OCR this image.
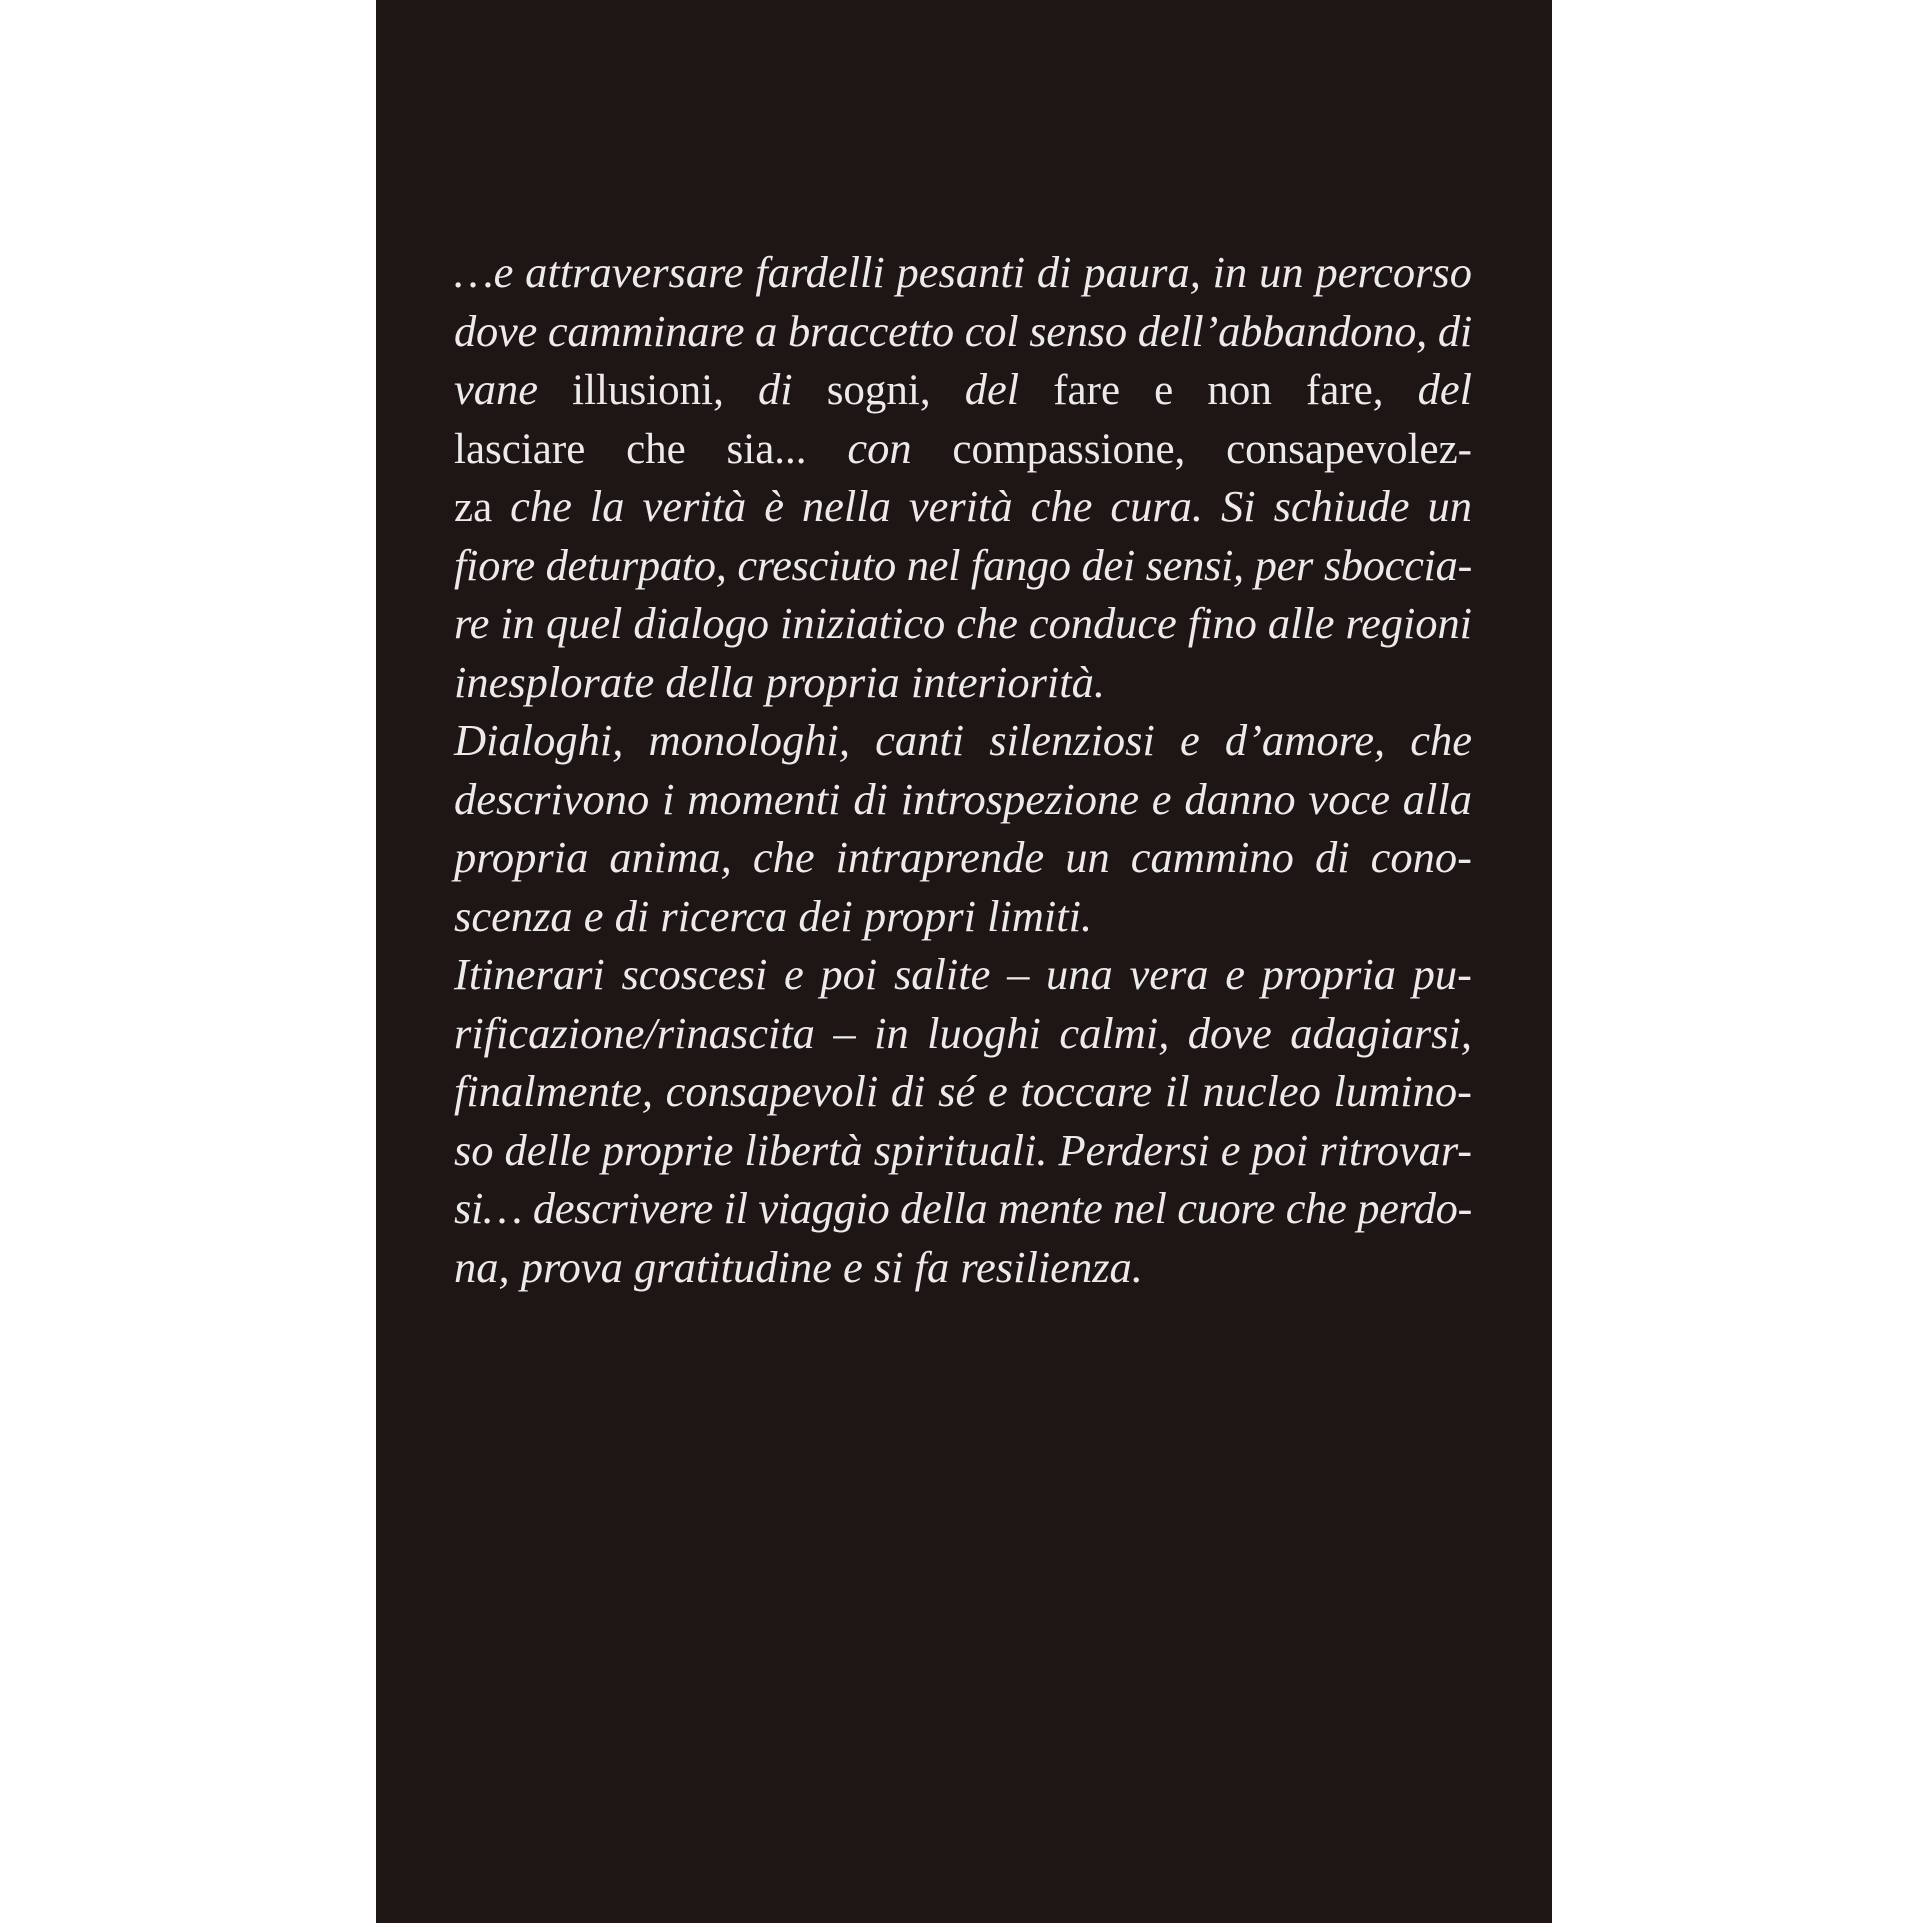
…e attraversare fardelli pesanti di paura, in un percorso
dove camminare a braccetto col senso dell’abbandono, di
vane illusioni, di sogni, del fare e non fare, del
lasciare che sia... con compassione, consapevolez-
za che la verità è nella verità che cura. Si schiude un
fiore deturpato, cresciuto nel fango dei sensi, per sboccia-
re in quel dialogo iniziatico che conduce fino alle regioni
inesplorate della propria interiorità.
Dialoghi, monologhi, canti silenziosi e d’amore, che
descrivono i momenti di introspezione e danno voce alla
propria anima, che intraprende un cammino di cono-
scenza e di ricerca dei propri limiti.
Itinerari scoscesi e poi salite – una vera e propria pu-
rificazione/rinascita – in luoghi calmi, dove adagiarsi,
finalmente, consapevoli di sé e toccare il nucleo lumino-
so delle proprie libertà spirituali. Perdersi e poi ritrovar-
si… descrivere il viaggio della mente nel cuore che perdo-
na, prova gratitudine e si fa resilienza.
